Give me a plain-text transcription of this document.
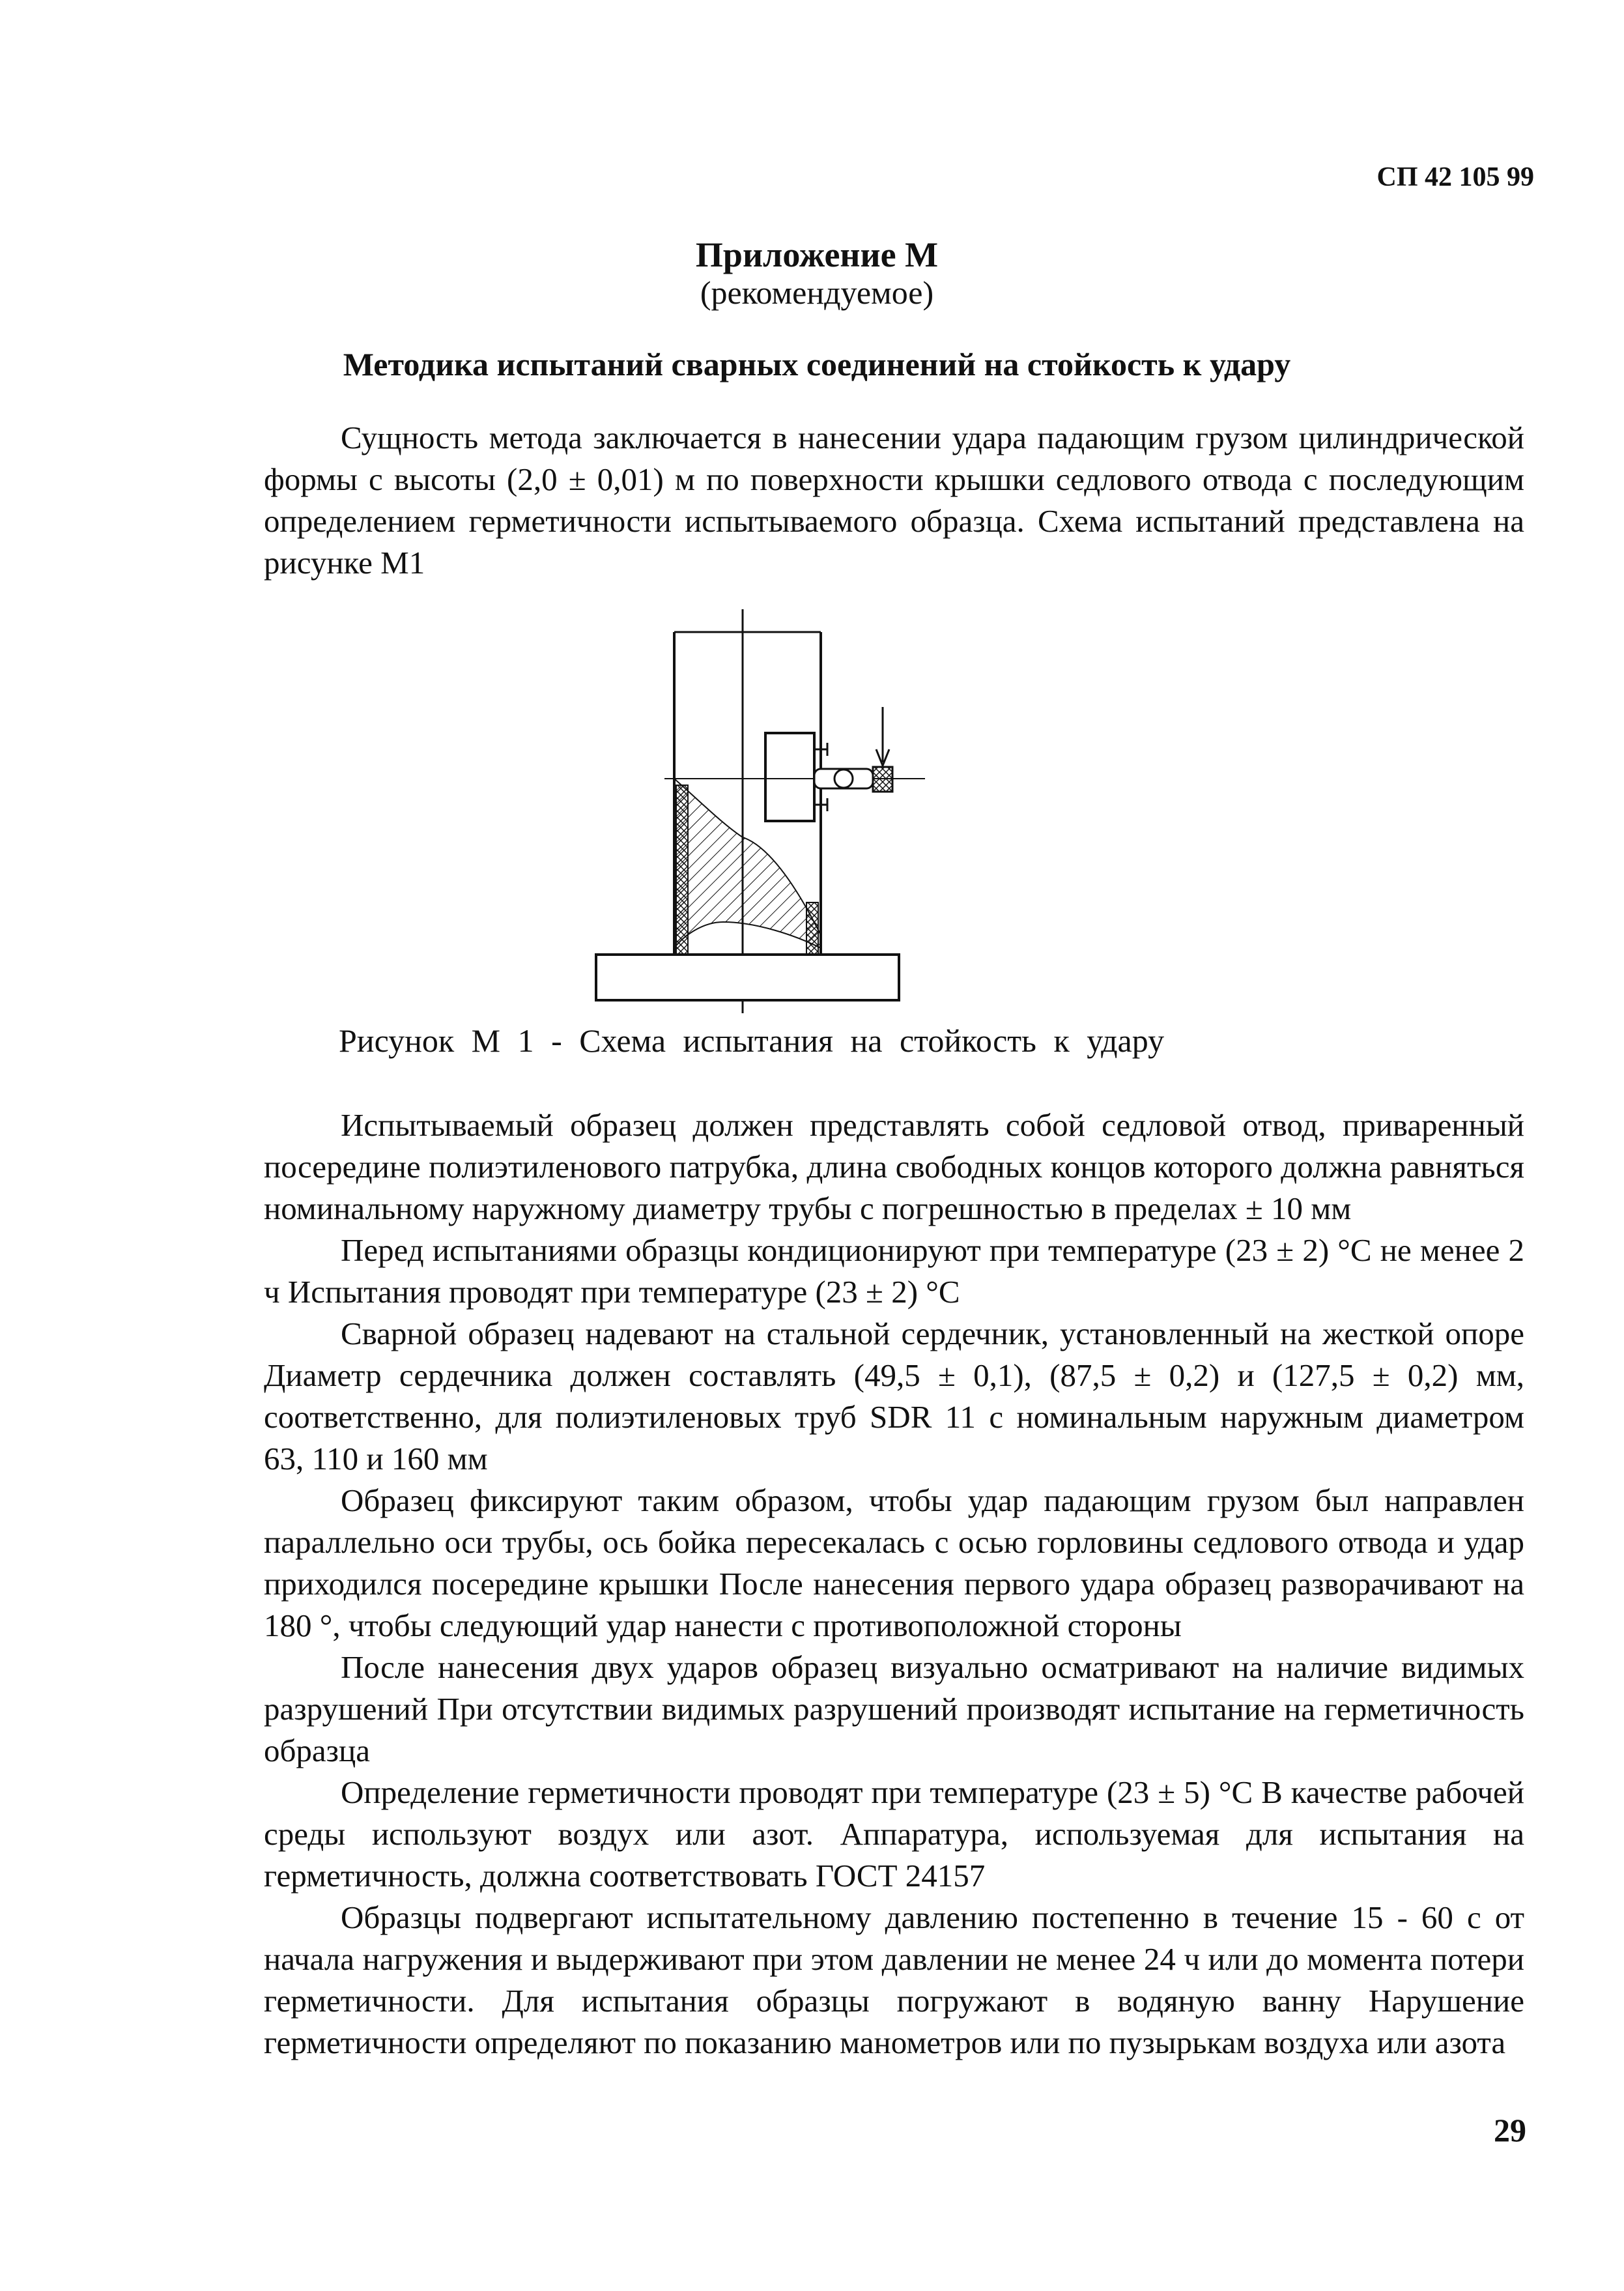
СП 42 105 99
Приложение М
(рекомендуемое)
Методика испытаний сварных соединений на стойкость к удару

Сущность метода заключается в нанесении удара падающим грузом цилиндрической формы с высоты (2,0 ± 0,01) м по поверхности крышки седлового отвода с последующим определением герметичности испытываемого образца. Схема испытаний представлена на рисунке М1

Рисунок М 1 - Схема испытания на стойкость к удару

Испытываемый образец должен представлять собой седловой отвод, приваренный посередине полиэтиленового патрубка, длина свободных концов которого должна равняться номинальному наружному диаметру трубы с погрешностью в пределах ± 10 мм

Перед испытаниями образцы кондиционируют при температуре (23 ± 2) °С не менее 2 ч Испытания проводят при температуре (23 ± 2) °С

Сварной образец надевают на стальной сердечник, установленный на жесткой опоре Диаметр сердечника должен составлять (49,5 ± 0,1), (87,5 ± 0,2) и (127,5 ± 0,2) мм, соответственно, для полиэтиленовых труб SDR 11 с номинальным наружным диаметром 63, 110 и 160 мм

Образец фиксируют таким образом, чтобы удар падающим грузом был направлен параллельно оси трубы, ось бойка пересекалась с осью горловины седлового отвода и удар приходился посередине крышки После нанесения первого удара образец разворачивают на 180 °, чтобы следующий удар нанести с противоположной стороны

После нанесения двух ударов образец визуально осматривают на наличие видимых разрушений При отсутствии видимых разрушений производят испытание на герметичность образца

Определение герметичности проводят при температуре (23 ± 5) °С В качестве рабочей среды используют воздух или азот. Аппаратура, используемая для испытания на герметичность, должна соответствовать ГОСТ 24157

Образцы подвергают испытательному давлению постепенно в течение 15 - 60 с от начала нагружения и выдерживают при этом давлении не менее 24 ч или до момента потери герметичности. Для испытания образцы погружают в водяную ванну Нарушение герметичности определяют по показанию манометров или по пузырькам воздуха или азота

29
